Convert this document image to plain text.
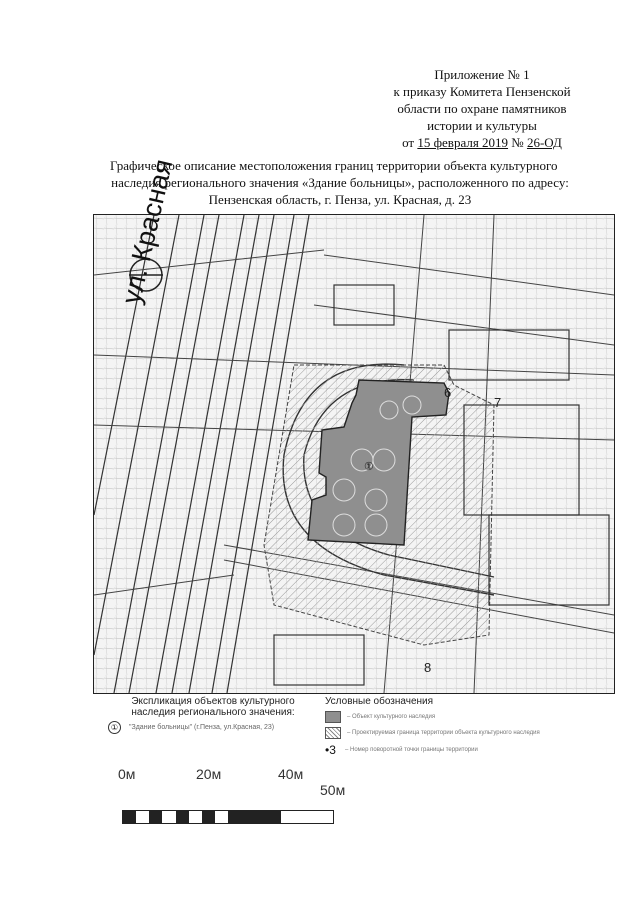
Приложение № 1
к приказу Комитета Пензенской
области по охране памятников
истории и культуры
от 15 февраля 2019 № 26-ОД
Графическое описание местоположения границ территории объекта культурного
наследия регионального значения «Здание больницы», расположенного по адресу:
Пензенская область, г. Пенза, ул. Красная, д. 23
①
6
7
8
ул. Красная
Экспликация объектов культурного
наследия регионального значения:
①	"Здание больницы" (г.Пенза, ул.Красная, 23)
Условные обозначения
– Объект культурного наследия
– Проектируемая граница территории объекта культурного наследия
• 3 – Номер поворотной точки границы территории
0м	20м	40м
50м
